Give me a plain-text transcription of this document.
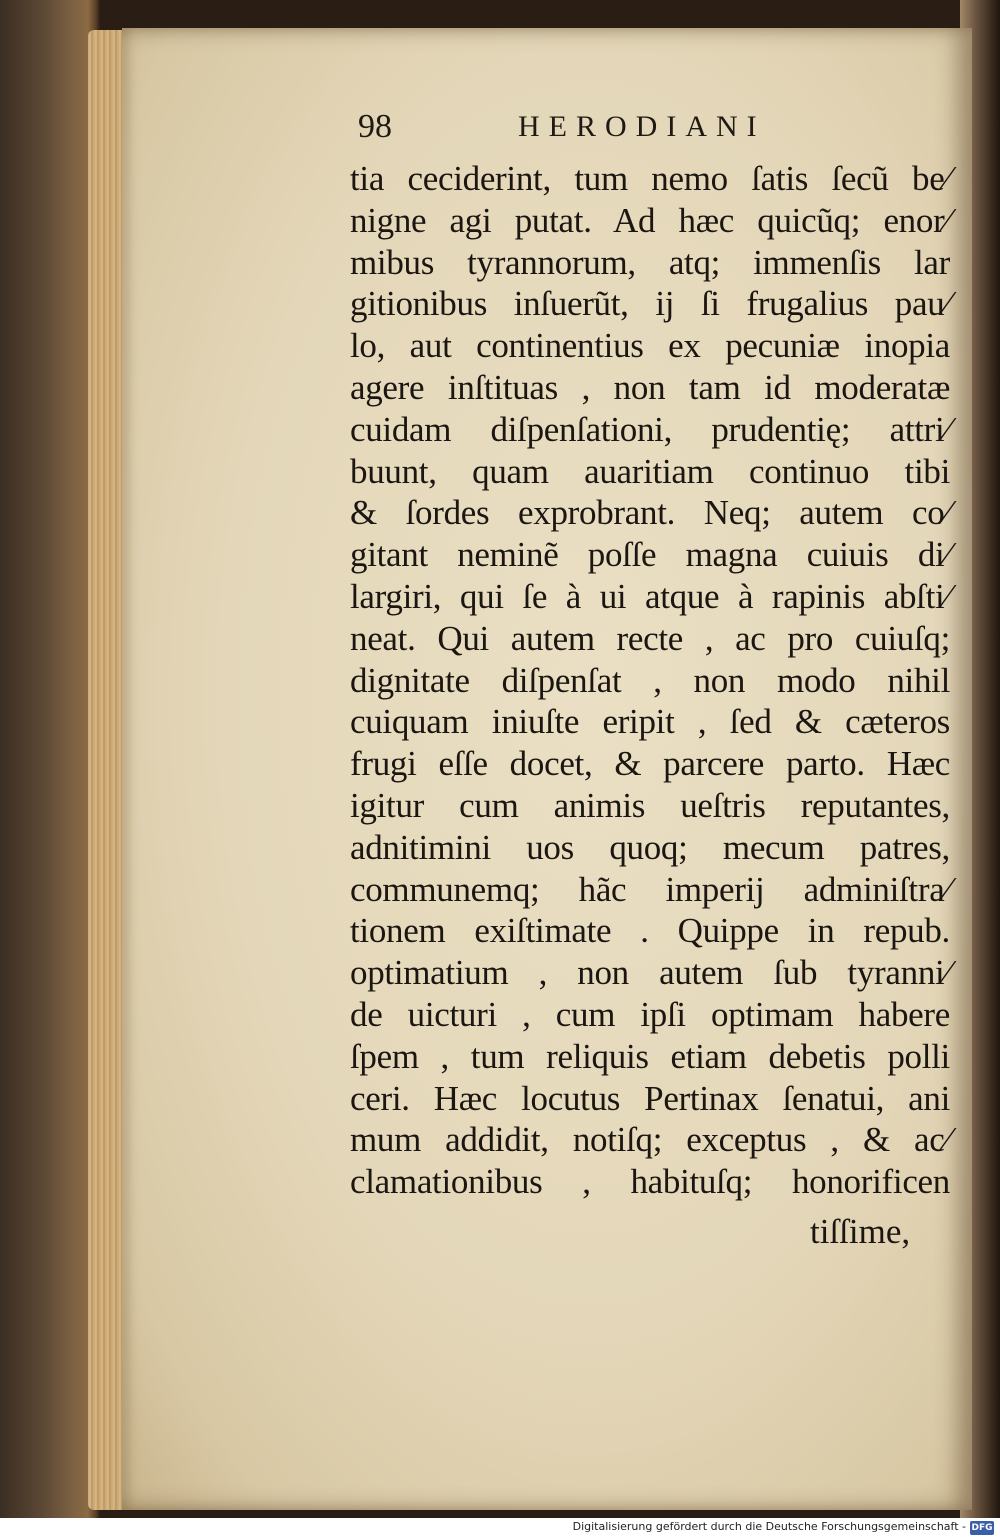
98	HERODIANI
tia ceciderint, tum nemo ſatis ſecũ be⁄
nigne agi putat. Ad hæc quicũq; enor⁄
mibus tyrannorum, atq; immenſis lar
gitionibus inſuerũt, ij ſi frugalius pau⁄
lo, aut continentius ex pecuniæ inopia
agere inſtituas , non tam id moderatæ
cuidam diſpenſationi, prudentię; attri⁄
buunt, quam auaritiam continuo tibi
& ſordes exprobrant. Neq; autem co⁄
gitant neminẽ poſſe magna cuiuis di⁄
largiri, qui ſe à ui atque à rapinis abſti⁄
neat. Qui autem recte , ac pro cuiuſq;
dignitate diſpenſat , non modo nihil
cuiquam iniuſte eripit , ſed & cæteros
frugi eſſe docet, & parcere parto. Hæc
igitur cum animis ueſtris reputantes,
adnitimini uos quoq; mecum patres,
communemq; hãc imperij adminiſtra⁄
tionem exiſtimate . Quippe in repub.
optimatium , non autem ſub tyranni⁄
de uicturi , cum ipſi optimam habere
ſpem , tum reliquis etiam debetis polli
ceri. Hæc locutus Pertinax ſenatui, ani
mum addidit, notiſq; exceptus , & ac⁄
clamationibus , habituſq; honorificen
tiſſime,
Digitalisierung gefördert durch die Deutsche Forschungsgemeinschaft - DFG
